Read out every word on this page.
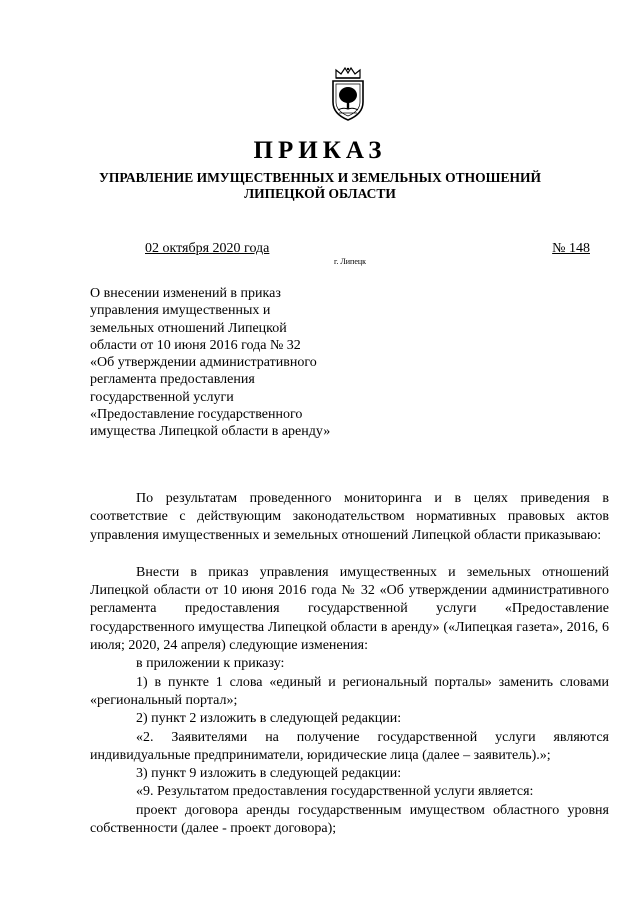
ПРИКАЗ
УПРАВЛЕНИЕ ИМУЩЕСТВЕННЫХ И ЗЕМЕЛЬНЫХ ОТНОШЕНИЙ
ЛИПЕЦКОЙ ОБЛАСТИ
02 октября 2020 года	№ 148
г. Липецк
О внесении изменений в приказ
управления имущественных и
земельных отношений Липецкой
области от 10 июня 2016 года № 32
«Об утверждении административного
регламента предоставления
государственной услуги
«Предоставление государственного
имущества Липецкой области в аренду»

По результатам проведенного мониторинга и в целях приведения в соответствие с действующим законодательством нормативных правовых актов управления имущественных и земельных отношений Липецкой области приказываю:

Внести в приказ управления имущественных и земельных отношений Липецкой области от 10 июня 2016 года № 32 «Об утверждении административного регламента предоставления государственной услуги «Предоставление государственного имущества Липецкой области в аренду» («Липецкая газета», 2016, 6 июля; 2020, 24 апреля) следующие изменения:

в приложении к приказу:

1) в пункте 1 слова «единый и региональный порталы» заменить словами «региональный портал»;

2) пункт 2 изложить в следующей редакции:

«2. Заявителями на получение государственной услуги являются индивидуальные предприниматели, юридические лица (далее – заявитель).»;

3) пункт 9 изложить в следующей редакции:

«9. Результатом предоставления государственной услуги является:

проект договора аренды государственным имуществом областного уровня собственности (далее - проект договора);
